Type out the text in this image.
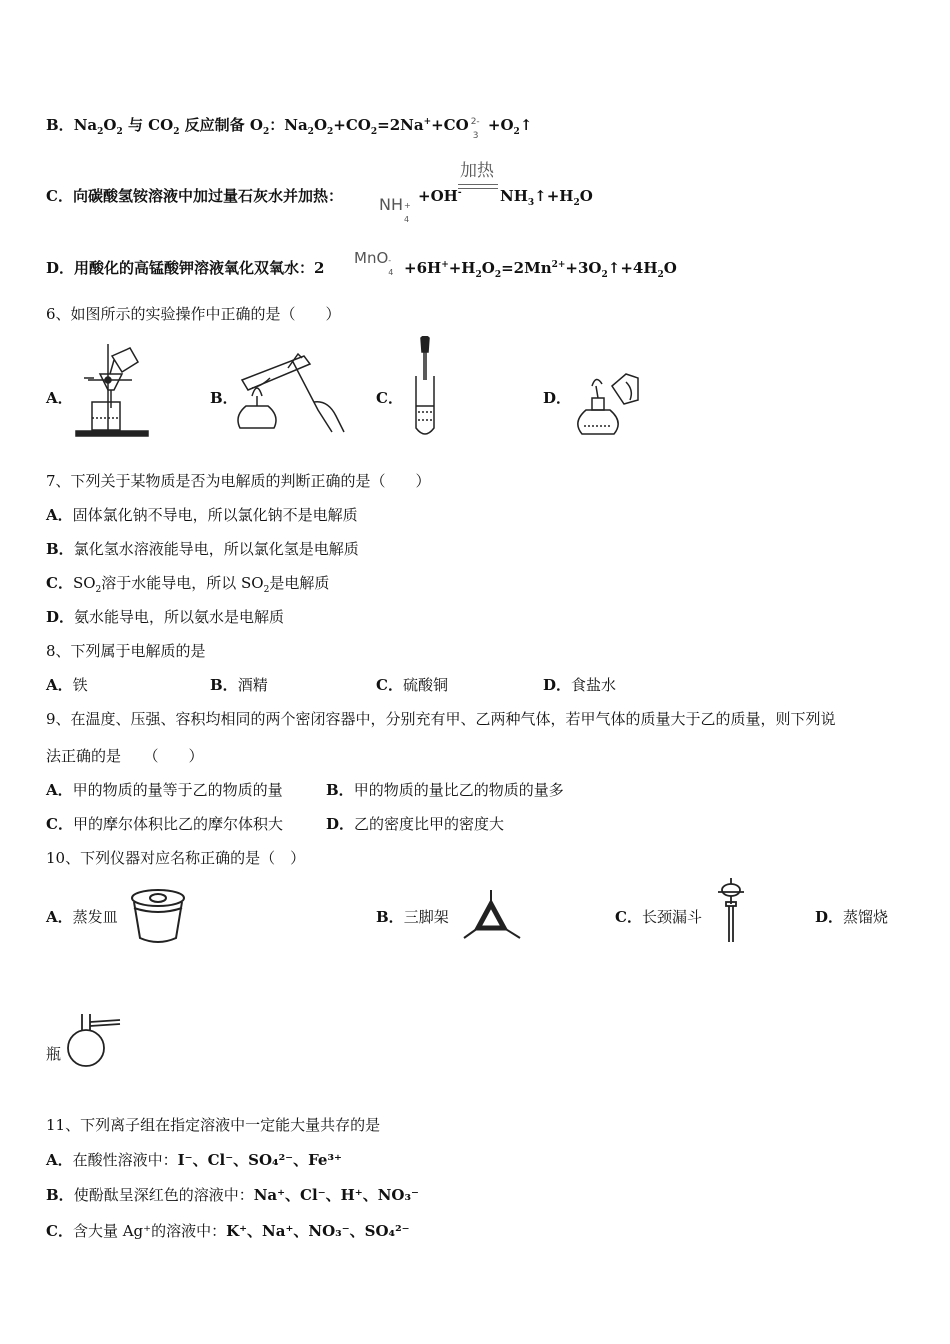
B．$Na_2O_2$ 与 $CO_2$ 反应制备 $O_2$：$Na_2O_2+CO_2=2Na^++CO$ 2-
3
$+O_2↑$
C．向碳酸氢铵溶液中加过量石灰水并加热： NH +
4
+OH-
加热
$NH_3↑+H_2O$
D．用酸化的高锰酸钾溶液氧化双氧水：2
MnO -
$4 +6H^++H_2O_2=2Mn^{2+}+3O_2↑+4H_2O$
6、如图所示的实验操作中正确的是（　　）
A．	B．	C．	D．
7、下列关于某物质是否为电解质的判断正确的是（　　）
A．固体氯化钠不导电，所以氯化钠不是电解质
B．氯化氢水溶液能导电，所以氯化氢是电解质
C．$SO_2$溶于水能导电，所以 $SO_2$是电解质
D．氨水能导电，所以氨水是电解质
8、下列属于电解质的是
A．铁	B．酒精	C．硫酸铜	D．食盐水
9、在温度、压强、容积均相同的两个密闭容器中，分别充有甲、乙两种气体，若甲气体的质量大于乙的质量，则下列说
法正确的是　　（　　）
A．甲的物质的量等于乙的物质的量	B．甲的物质的量比乙的物质的量多
C．甲的摩尔体积比乙的摩尔体积大	D．乙的密度比甲的密度大
10、下列仪器对应名称正确的是（　）
A．蒸发皿	B．三脚架	C．长颈漏斗	D．蒸馏烧
瓶
11、下列离子组在指定溶液中一定能大量共存的是
A．在酸性溶液中：I⁻、Cl⁻、SO₄²⁻、Fe³⁺
B．使酚酞呈深红色的溶液中：Na⁺、Cl⁻、H⁺、NO₃⁻
C．含大量 Ag⁺的溶液中：K⁺、Na⁺、NO₃⁻、SO₄²⁻
